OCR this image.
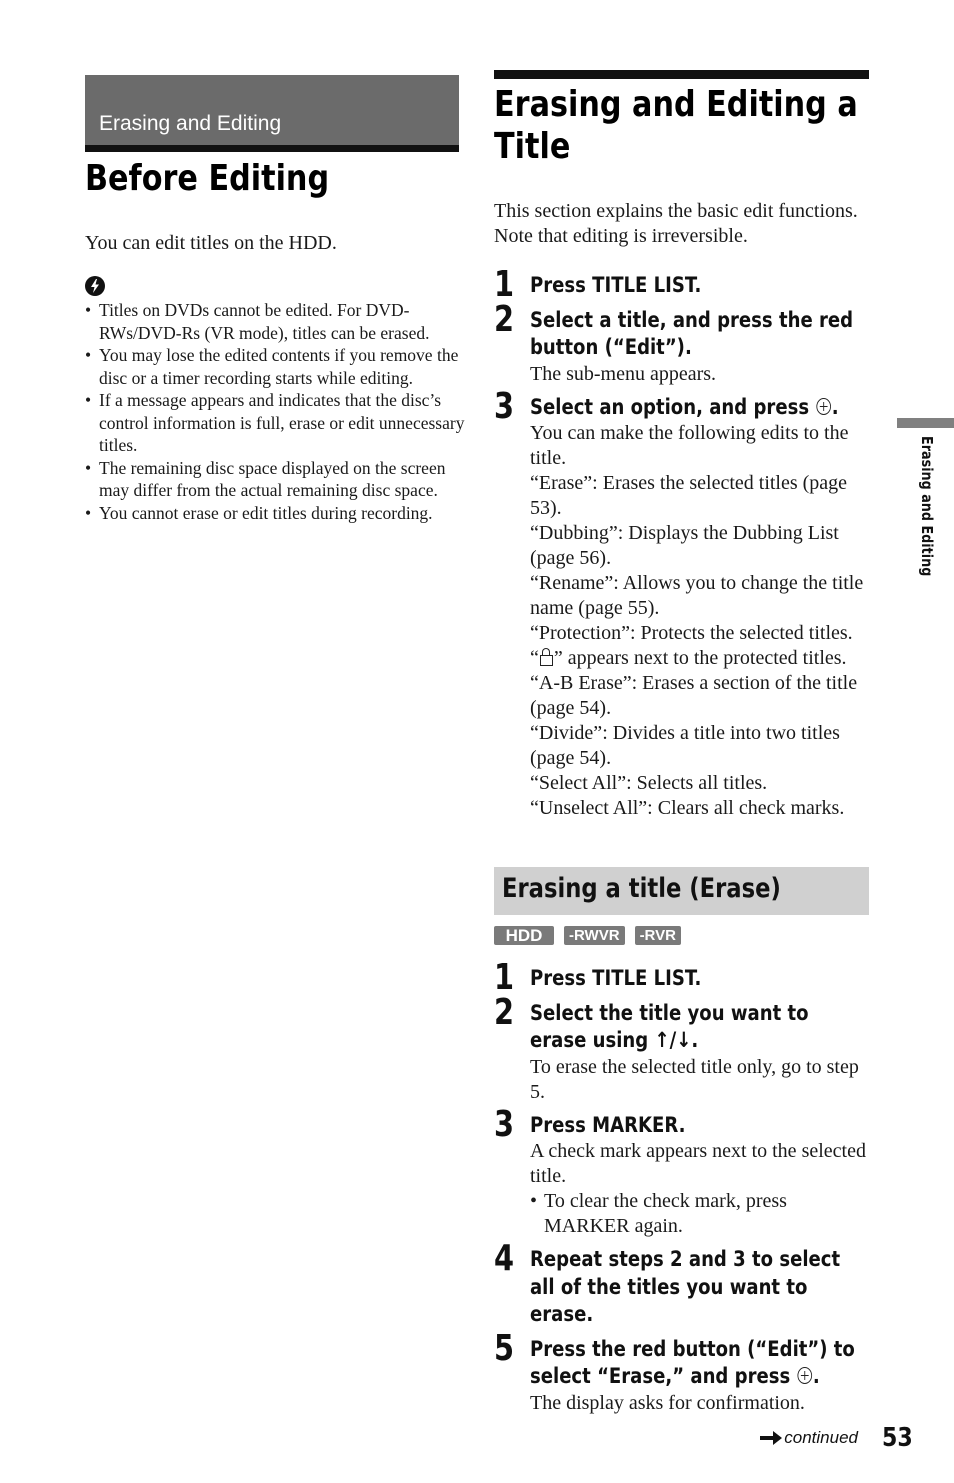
Erasing and Editing
Before Editing
You can edit titles on the HDD.
• Titles on DVDs cannot be edited. For DVD-RWs/DVD-Rs (VR mode), titles can be erased.
• You may lose the edited contents if you remove the disc or a timer recording starts while editing.
• If a message appears and indicates that the disc’s control information is full, erase or edit unnecessary titles.
• The remaining disc space displayed on the screen may differ from the actual remaining disc space.
• You cannot erase or edit titles during recording.
Erasing and Editing a
Title
This section explains the basic edit functions. Note that editing is irreversible.
1 Press TITLE LIST.
2 Select a title, and press the red button (“Edit”).
The sub-menu appears.
3 Select an option, and press .

You can make the following edits to the title.

“Erase”: Erases the selected titles (page 53).

“Dubbing”: Displays the Dubbing List (page 56).

“Rename”: Allows you to change the title name (page 55).

“Protection”: Protects the selected titles.

“ ” appears next to the protected titles.

“A-B Erase”: Erases a section of the title (page 54).

“Divide”: Divides a title into two titles (page 54).

“Select All”: Selects all titles.

“Unselect All”: Clears all check marks.

Erasing a title (Erase)
HDD	-RWVR	-RVR
1 Press TITLE LIST.
2 Select the title you want to erase using ↑/↓.
To erase the selected title only, go to step 5.
3 Press MARKER.

A check mark appears next to the selected title.

• To clear the check mark, press MARKER again.

4 Repeat steps 2 and 3 to select all of the titles you want to erase.
5 Press the red button (“Edit”) to select “Erase,” and press .
The display asks for confirmation.
Erasing and Editing
continued 53
